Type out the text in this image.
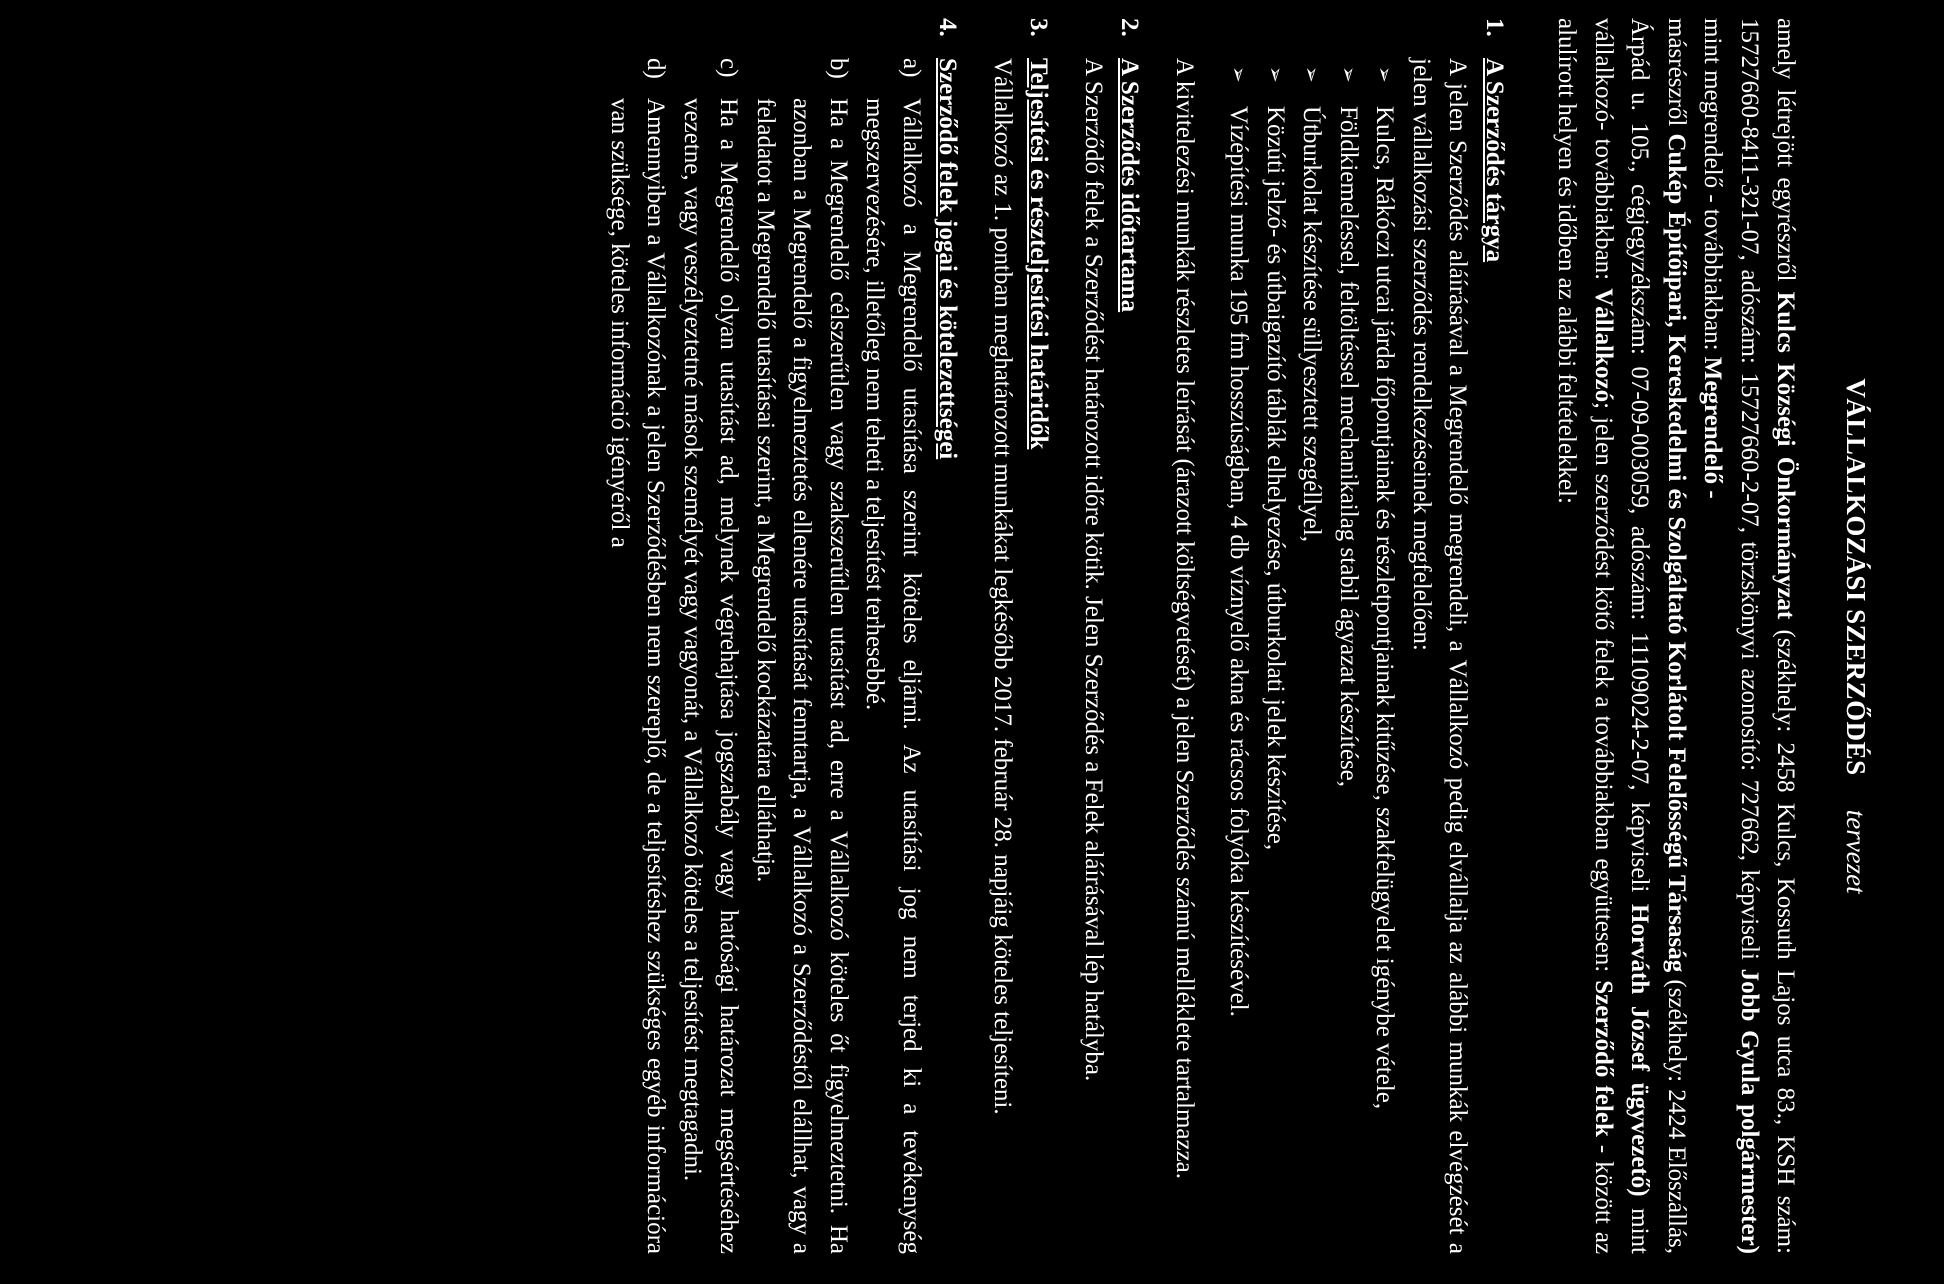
VÁLLALKOZÁSI SZERZŐDÉStervezet

amely létrejött egyrészről Kulcs Községi Önkormányzat (székhely: 2458 Kulcs, Kossuth Lajos utca 83., KSH szám: 15727660-8411-321-07, adószám: 15727660-2-07, törzskönyvi azonosító: 727662, képviseli Jobb Gyula polgármester) mint megrendelő - továbbiakban: Megrendelő -
másrészről Cukép Építőipari, Kereskedelmi és Szolgáltató Korlátolt Felelősségű Társaság (székhely: 2424 Előszállás, Árpád u. 105., cégjegyzékszám: 07-09-003059, adószám: 11109024-2-07, képviseli Horváth József ügyvezető) mint vállalkozó- továbbiakban: Vállalkozó; jelen szerződést kötő felek a továbbiakban együttesen: Szerződő felek - között az alulírott helyen és időben az alábbi feltételekkel:

1.
A Szerződés tárgya

A jelen Szerződés aláírásával a Megrendelő megrendeli, a Vállalkozó pedig elvállalja az alábbi munkák elvégzését a jelen vállalkozási szerződés rendelkezéseinek megfelelően:

➢

Kulcs, Rákóczi utcai járda főpontjainak és részletpontjainak kitűzése, szakfelügyelet igénybe vétele,

➢

Földkiemeléssel, feltöltéssel mechanikailag stabil ágyazat készítése,

➢

Útburkolat készítése süllyesztett szegéllyel,

➢

Közúti jelző- és útbaigazító táblák elhelyezése, útburkolati jelek készítése,

➢

Vízépítési munka 195 fm hosszúságban, 4 db víznyelő akna és rácsos folyóka készítésével.

A kivitelezési munkák részletes leírását (árazott költségvetését) a jelen Szerződés számú melléklete tartalmazza.

2.
A Szerződés időtartama

A Szerződő felek a Szerződést határozott időre kötik. Jelen Szerződés a Felek aláírásával lép hatályba.

3.
Teljesítési és részteljesítési határidők

Vállalkozó az 1. pontban meghatározott munkákat legkésőbb 2017. február 28. napjáig köteles teljesíteni.

4.
Szerződő felek jogai és kötelezettségei
a)

Vállalkozó a Megrendelő utasítása szerint köteles eljárni. Az utasítási jog nem terjed ki a tevékenység megszervezésére, illetőleg nem teheti a teljesítést terhesebbé.

b)

Ha a Megrendelő célszerűtlen vagy szakszerűtlen utasítást ad, erre a Vállalkozó köteles őt figyelmeztetni. Ha azonban a Megrendelő a figyelmeztetés ellenére utasítását fenntartja, a Vállalkozó a Szerződéstől elállhat, vagy a feladatot a Megrendelő utasításai szerint, a Megrendelő kockázatára elláthatja.

c)

Ha a Megrendelő olyan utasítást ad, melynek végrehajtása jogszabály vagy hatósági határozat megsértéséhez vezetne, vagy veszélyeztetné mások személyét vagy vagyonát, a Vállalkozó köteles a teljesítést megtagadni.

d)

Amennyiben a Vállalkozónak a jelen Szerződésben nem szereplő, de a teljesítéshez szükséges egyéb információra van szüksége, köteles információ igényéről a
